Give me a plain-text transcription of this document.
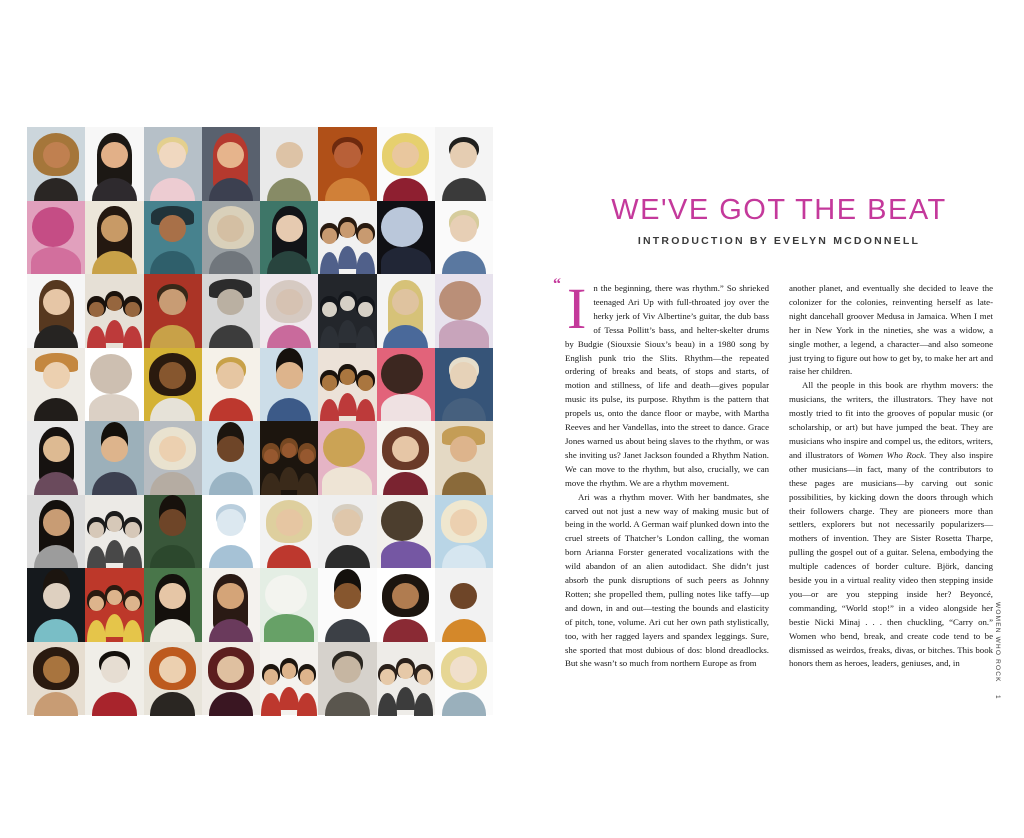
WE'VE GOT THE BEAT
INTRODUCTION BY EVELYN MCDONNELL

“ I n the beginning, there was rhythm.” So shrieked teenaged Ari Up with full-throated joy over the herky jerk of Viv Albertine’s guitar, the dub bass of Tessa Pollitt’s bass, and helter-skelter drums by Budgie (Siouxsie Sioux’s beau) in a 1980 song by English punk trio the Slits. Rhythm—the repeated ordering of breaks and beats, of stops and starts, of motion and stillness, of life and death—gives popular music its pulse, its purpose. Rhythm is the pattern that propels us, onto the dance floor or maybe, with Martha Reeves and her Vandellas, into the street to dance. Grace Jones warned us about being slaves to the rhythm, or was she inviting us? Janet Jackson founded a Rhythm Nation. We can move to the rhythm, but also, crucially, we can move the rhythm. We are a rhythm movement.

Ari was a rhythm mover. With her bandmates, she carved out not just a new way of making music but of being in the world. A German waif plunked down into the cruel streets of Thatcher’s London calling, the woman born Arianna Forster generated vocalizations with the wild abandon of an alien autodidact. She didn’t just absorb the punk disruptions of such peers as Johnny Rotten; she propelled them, pulling notes like taffy—up and down, in and out—testing the bounds and elasticity of pitch, tone, volume. Ari cut her own path stylistically, too, with her ragged layers and spandex leggings. Sure, she sported that most dubious of dos: blond dreadlocks. But she wasn’t so much from northern Europe as from

another planet, and eventually she decided to leave the colonizer for the colonies, reinventing herself as late-night dancehall groover Medusa in Jamaica. When I met her in New York in the nineties, she was a widow, a single mother, a legend, a character—and also someone just trying to figure out how to get by, to make her art and raise her children.

All the people in this book are rhythm movers: the musicians, the writers, the illustrators. They have not mostly tried to fit into the grooves of popular music (or scholarship, or art) but have jumped the beat. They are musicians who inspire and compel us, the editors, writers, and illustrators of Women Who Rock. They also inspire other musicians—in fact, many of the contributors to these pages are musicians—by carving out sonic possibilities, by kicking down the doors through which their followers charge. They are pioneers more than settlers, explorers but not necessarily popularizers—mothers of invention. They are Sister Rosetta Tharpe, pulling the gospel out of a guitar. Selena, embodying the multiple cadences of border culture. Björk, dancing beside you in a virtual reality video then stepping inside you—or are you stepping inside her? Beyoncé, commanding, “World stop!” in a video alongside her bestie Nicki Minaj . . . then chuckling, “Carry on.” Women who bend, break, and create code tend to be dismissed as weirdos, freaks, divas, or bitches. This book honors them as heroes, leaders, geniuses, and, in	WOMEN WHO ROCK1
